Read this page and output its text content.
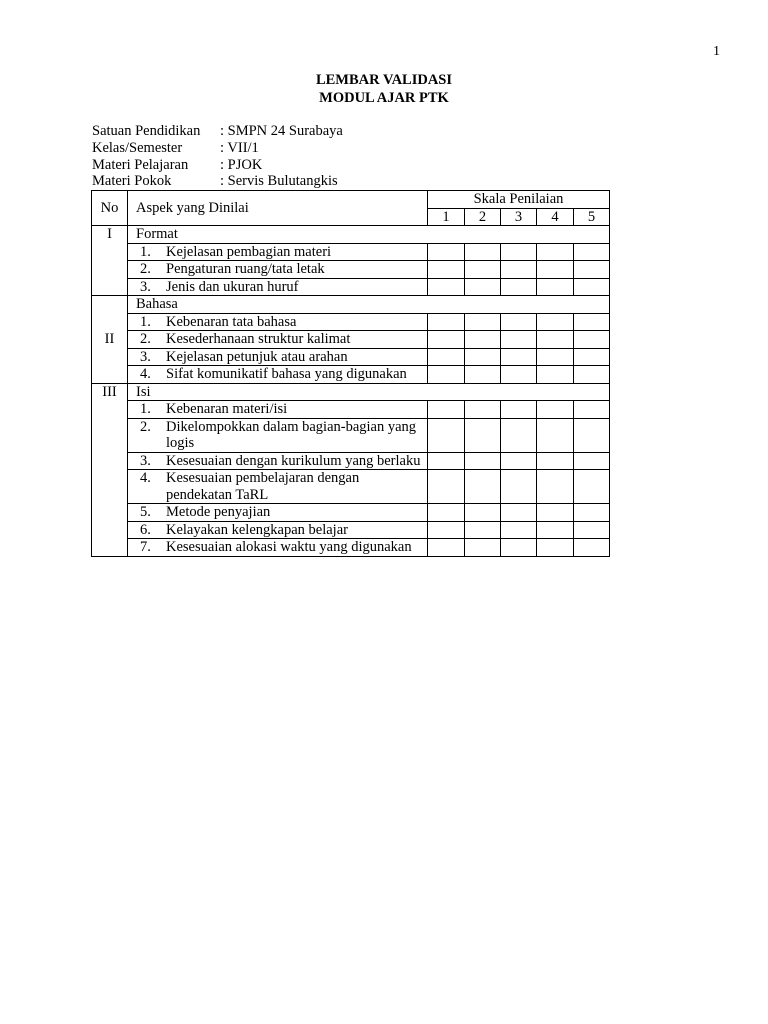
1
LEMBAR VALIDASI
MODUL AJAR PTK
Satuan Pendidikan	: SMPN 24 Surabaya
Kelas/Semester	: VII/1
Materi Pelajaran	: PJOK
Materi Pokok	: Servis Bulutangkis
No	Aspek yang Dinilai	Skala Penilaian				
		1	2	3	4	5
I	Format					

	1. Kejelasan pembagian materi					

	2. Pengaturan ruang/tata letak					

	3. Jenis dan ukuran huruf					

II	Bahasa					

	1. Kebenaran tata bahasa					

	2. Kesederhanaan struktur kalimat					

	3. Kejelasan petunjuk atau arahan					

	4. Sifat komunikatif bahasa yang digunakan					

III	Isi					

	1. Kebenaran materi/isi					

	2. Dikelompokkan dalam bagian-bagian yang logis					

	3. Kesesuaian dengan kurikulum yang berlaku					

	4. Kesesuaian pembelajaran dengan pendekatan TaRL					

	5. Metode penyajian					

	6. Kelayakan kelengkapan belajar					

	7. Kesesuaian alokasi waktu yang digunakan					
